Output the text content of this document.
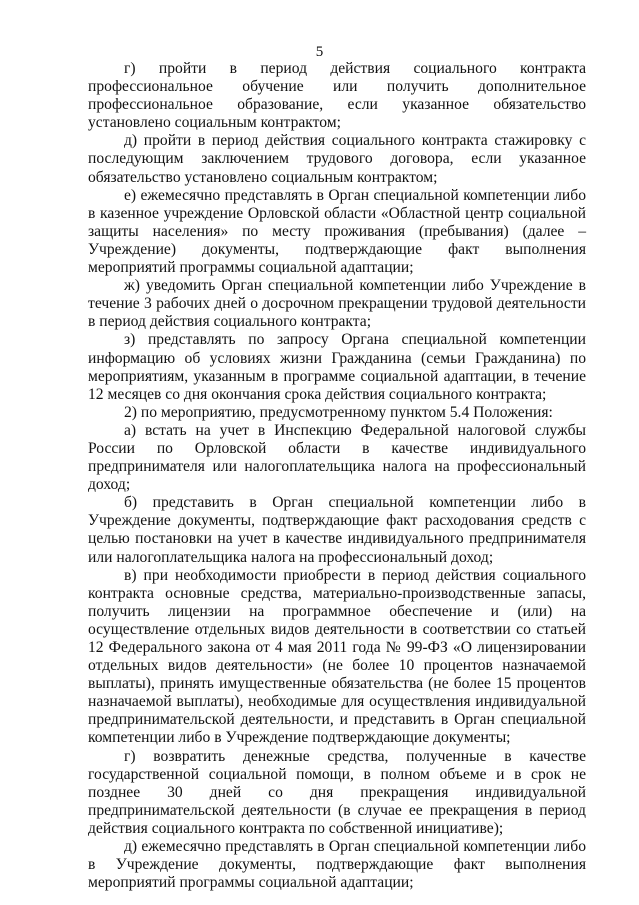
5

г) пройти в период действия социального контракта профессиональное обучение или получить дополнительное профессиональное образование, если указанное обязательство установлено социальным контрактом;

д) пройти в период действия социального контракта стажировку с последующим заключением трудового договора, если указанное обязательство установлено социальным контрактом;

е) ежемесячно представлять в Орган специальной компетенции либо в казенное учреждение Орловской области «Областной центр социальной защиты населения» по месту проживания (пребывания) (далее – Учреждение) документы, подтверждающие факт выполнения мероприятий программы социальной адаптации;

ж) уведомить Орган специальной компетенции либо Учреждение в течение 3 рабочих дней о досрочном прекращении трудовой деятельности в период действия социального контракта;

з) представлять по запросу Органа специальной компетенции информацию об условиях жизни Гражданина (семьи Гражданина) по мероприятиям, указанным в программе социальной адаптации, в течение 12 месяцев со дня окончания срока действия социального контракта;

2) по мероприятию, предусмотренному пунктом 5.4 Положения:

а) встать на учет в Инспекцию Федеральной налоговой службы России по Орловской области в качестве индивидуального предпринимателя или налогоплательщика налога на профессиональный доход;

б) представить в Орган специальной компетенции либо в Учреждение документы, подтверждающие факт расходования средств с целью постановки на учет в качестве индивидуального предпринимателя или налогоплательщика налога на профессиональный доход;

в) при необходимости приобрести в период действия социального контракта основные средства, материально-производственные запасы, получить лицензии на программное обеспечение и (или) на осуществление отдельных видов деятельности в соответствии со статьей 12 Федерального закона от 4 мая 2011 года № 99-ФЗ «О лицензировании отдельных видов деятельности» (не более 10 процентов назначаемой выплаты), принять имущественные обязательства (не более 15 процентов назначаемой выплаты), необходимые для осуществления индивидуальной предпринимательской деятельности, и представить в Орган специальной компетенции либо в Учреждение подтверждающие документы;

г) возвратить денежные средства, полученные в качестве государственной социальной помощи, в полном объеме и в срок не позднее 30 дней со дня прекращения индивидуальной предпринимательской деятельности (в случае ее прекращения в период действия социального контракта по собственной инициативе);

д) ежемесячно представлять в Орган специальной компетенции либо в Учреждение документы, подтверждающие факт выполнения мероприятий программы социальной адаптации;
